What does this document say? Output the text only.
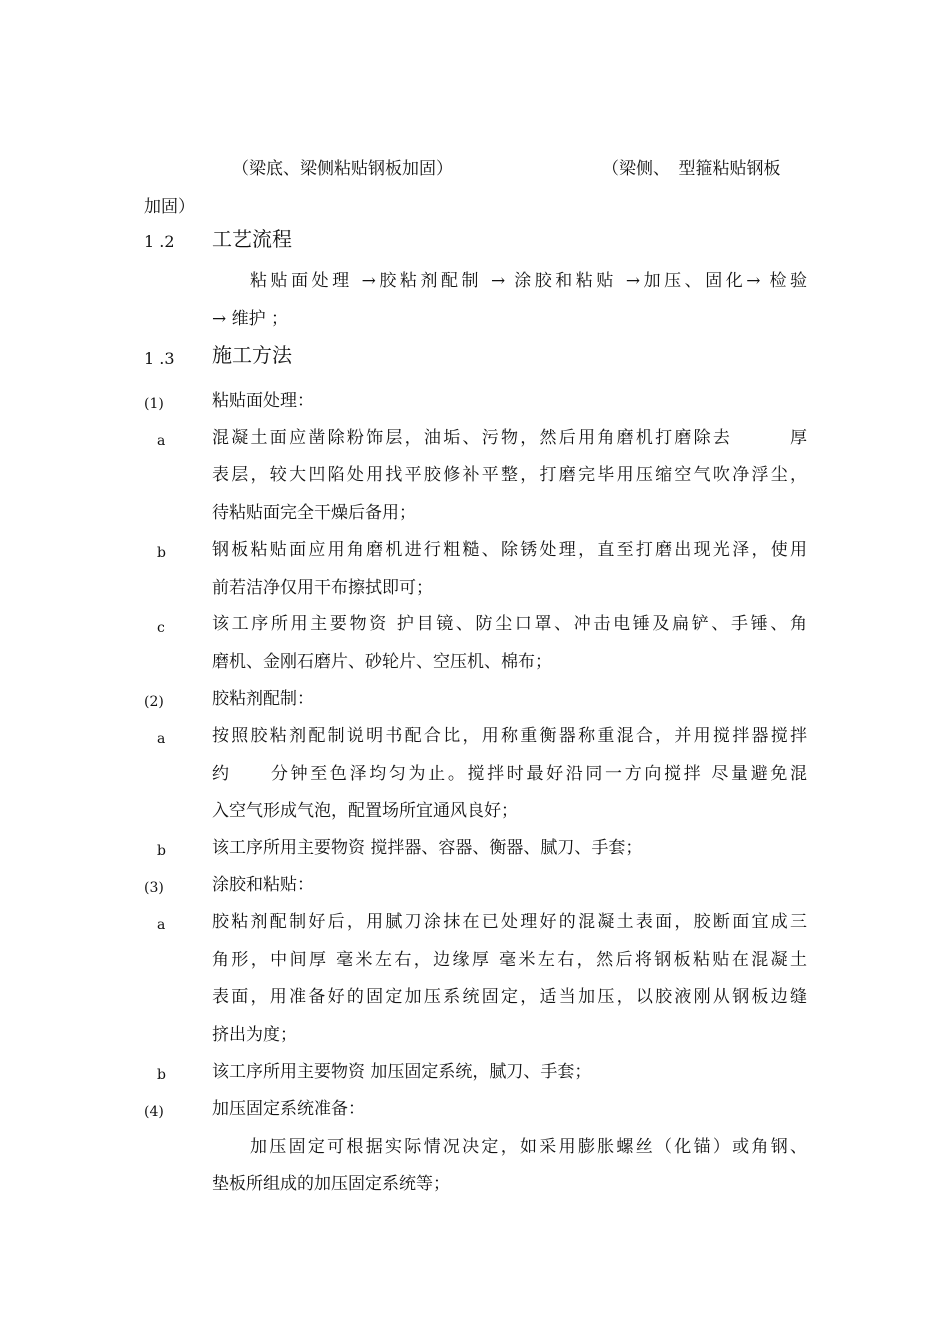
（梁底、梁侧粘贴钢板加固）	（梁侧、　型箍粘贴钢板
加固）
1 .2 工艺流程
粘贴面处理 →胶粘剂配制 → 涂胶和粘贴 →加压、固化→ 检验
→ 维护 ；
1 .3 施工方法
(1)	粘贴面处理：
a	混凝土面应凿除粉饰层，油垢、污物，然后用角磨机打磨除去　　　厚
表层，较大凹陷处用找平胶修补平整，打磨完毕用压缩空气吹净浮尘，
待粘贴面完全干燥后备用；
b	钢板粘贴面应用角磨机进行粗糙、除锈处理，直至打磨出现光泽，使用
前若洁净仅用干布擦拭即可；
c	该工序所用主要物资 护目镜、防尘口罩、冲击电锤及扁铲、手锤、角
磨机、金刚石磨片、砂轮片、空压机、棉布；
(2)	胶粘剂配制：
a	按照胶粘剂配制说明书配合比，用称重衡器称重混合，并用搅拌器搅拌
约　　分钟至色泽均匀为止。搅拌时最好沿同一方向搅拌 尽量避免混
入空气形成气泡，配置场所宜通风良好；
b	该工序所用主要物资 搅拌器、容器、衡器、腻刀、手套；
(3)	涂胶和粘贴：
a	胶粘剂配制好后，用腻刀涂抹在已处理好的混凝土表面，胶断面宜成三
角形，中间厚 毫米左右，边缘厚 毫米左右，然后将钢板粘贴在混凝土
表面，用准备好的固定加压系统固定，适当加压，以胶液刚从钢板边缝
挤出为度；
b	该工序所用主要物资 加压固定系统，腻刀、手套；
(4)	加压固定系统准备：
加压固定可根据实际情况决定，如采用膨胀螺丝（化锚）或角钢、
垫板所组成的加压固定系统等；
